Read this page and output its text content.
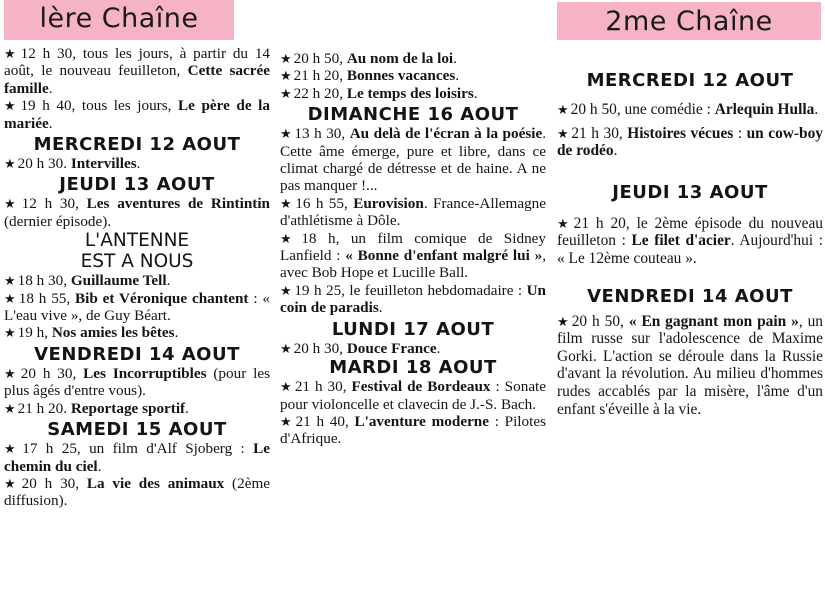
lère Chaîne

★ 12 h 30, tous les jours, à partir du 14 août, le nouveau feuilleton, Cette sacrée famille.

★ 19 h 40, tous les jours, Le père de la mariée.

MERCREDI 12 AOUT

★ 20 h 30. Intervilles.

JEUDI 13 AOUT

★ 12 h 30, Les aventures de Rintintin (dernier épisode).

L'ANTENNE
EST A NOUS

★ 18 h 30, Guillaume Tell.

★ 18 h 55, Bib et Véronique chantent : « L'eau vive », de Guy Béart.

★ 19 h, Nos amies les bêtes.

VENDREDI 14 AOUT

★ 20 h 30, Les Incorruptibles (pour les plus âgés d'entre vous).

★ 21 h 20. Reportage sportif.

SAMEDI 15 AOUT

★ 17 h 25, un film d'Alf Sjoberg : Le chemin du ciel.

★ 20 h 30, La vie des animaux (2ème diffusion).

★ 20 h 50, Au nom de la loi.

★ 21 h 20, Bonnes vacances.

★ 22 h 20, Le temps des loisirs.

DIMANCHE 16 AOUT

★ 13 h 30, Au delà de l'écran à la poésie. Cette âme émerge, pure et libre, dans ce climat chargé de détresse et de haine. A ne pas manquer !...

★ 16 h 55, Eurovision. France-Allemagne d'athlétisme à Dôle.

★ 18 h, un film comique de Sidney Lanfield : « Bonne d'enfant malgré lui », avec Bob Hope et Lucille Ball.

★ 19 h 25, le feuilleton hebdomadaire : Un coin de paradis.

LUNDI 17 AOUT

★ 20 h 30, Douce France.

MARDI 18 AOUT

★ 21 h 30, Festival de Bordeaux : Sonate pour violoncelle et clavecin de J.-S. Bach.

★ 21 h 40, L'aventure moderne : Pilotes d'Afrique.

2me Chaîne
MERCREDI 12 AOUT

★ 20 h 50, une comédie : Arlequin Hulla.

★ 21 h 30, Histoires vécues : un cow-boy de rodéo.

JEUDI 13 AOUT

★ 21 h 20, le 2ème épisode du nouveau feuilleton : Le filet d'acier. Aujourd'hui : « Le 12ème couteau ».

VENDREDI 14 AOUT

★ 20 h 50, « En gagnant mon pain », un film russe sur l'adolescence de Maxime Gorki. L'action se déroule dans la Russie d'avant la révolution. Au milieu d'hommes rudes accablés par la misère, l'âme d'un enfant s'éveille à la vie.
